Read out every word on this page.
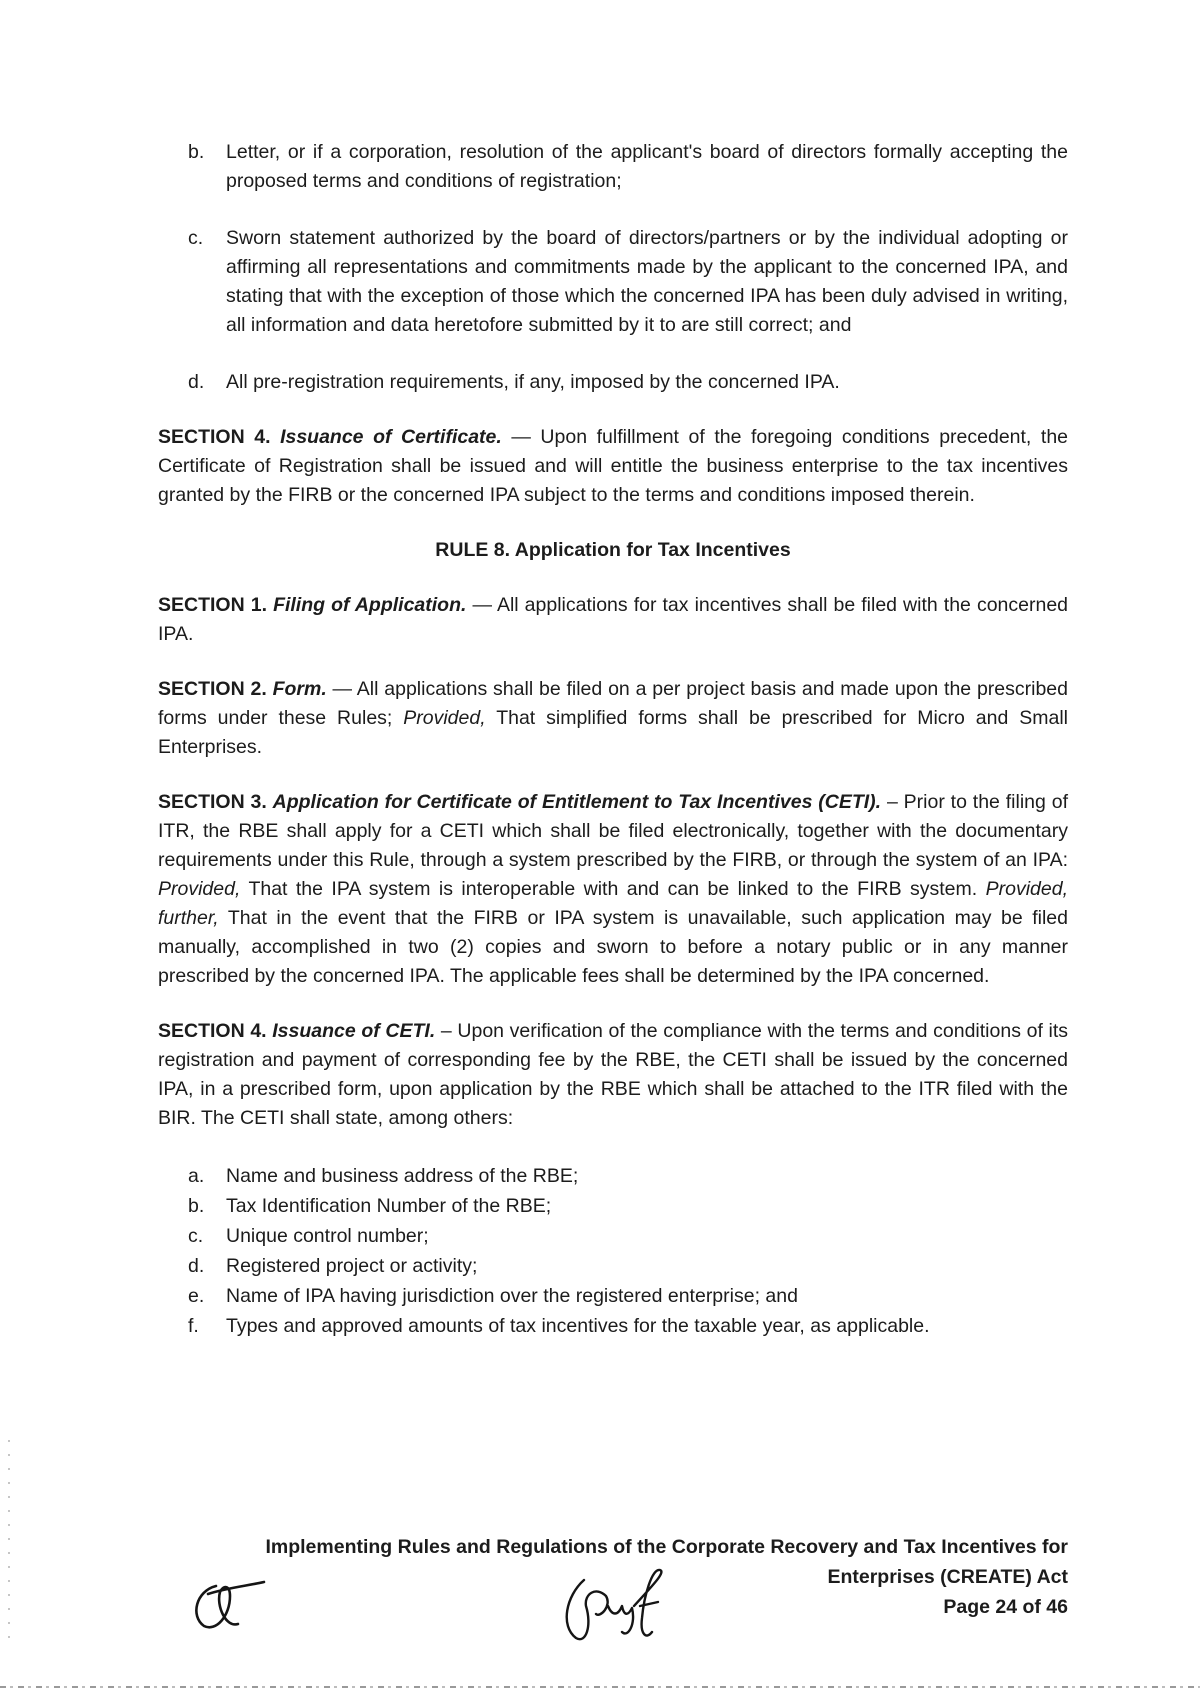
b.	Letter, or if a corporation, resolution of the applicant's board of directors formally accepting the proposed terms and conditions of registration;
c.	Sworn statement authorized by the board of directors/partners or by the individual adopting or affirming all representations and commitments made by the applicant to the concerned IPA, and stating that with the exception of those which the concerned IPA has been duly advised in writing, all information and data heretofore submitted by it to are still correct; and
d.	All pre-registration requirements, if any, imposed by the concerned IPA.

SECTION 4. Issuance of Certificate. — Upon fulfillment of the foregoing conditions precedent, the Certificate of Registration shall be issued and will entitle the business enterprise to the tax incentives granted by the FIRB or the concerned IPA subject to the terms and conditions imposed therein.

RULE 8. Application for Tax Incentives

SECTION 1. Filing of Application. — All applications for tax incentives shall be filed with the concerned IPA.

SECTION 2. Form. — All applications shall be filed on a per project basis and made upon the prescribed forms under these Rules; Provided, That simplified forms shall be prescribed for Micro and Small Enterprises.

SECTION 3. Application for Certificate of Entitlement to Tax Incentives (CETI). – Prior to the filing of ITR, the RBE shall apply for a CETI which shall be filed electronically, together with the documentary requirements under this Rule, through a system prescribed by the FIRB, or through the system of an IPA: Provided, That the IPA system is interoperable with and can be linked to the FIRB system. Provided, further, That in the event that the FIRB or IPA system is unavailable, such application may be filed manually, accomplished in two (2) copies and sworn to before a notary public or in any manner prescribed by the concerned IPA. The applicable fees shall be determined by the IPA concerned.

SECTION 4. Issuance of CETI. – Upon verification of the compliance with the terms and conditions of its registration and payment of corresponding fee by the RBE, the CETI shall be issued by the concerned IPA, in a prescribed form, upon application by the RBE which shall be attached to the ITR filed with the BIR. The CETI shall state, among others:

a.	Name and business address of the RBE;
b.	Tax Identification Number of the RBE;
c.	Unique control number;
d.	Registered project or activity;
e.	Name of IPA having jurisdiction over the registered enterprise; and
f.	Types and approved amounts of tax incentives for the taxable year, as applicable.
Implementing Rules and Regulations of the Corporate Recovery and Tax Incentives for
Enterprises (CREATE) Act
Page 24 of 46
